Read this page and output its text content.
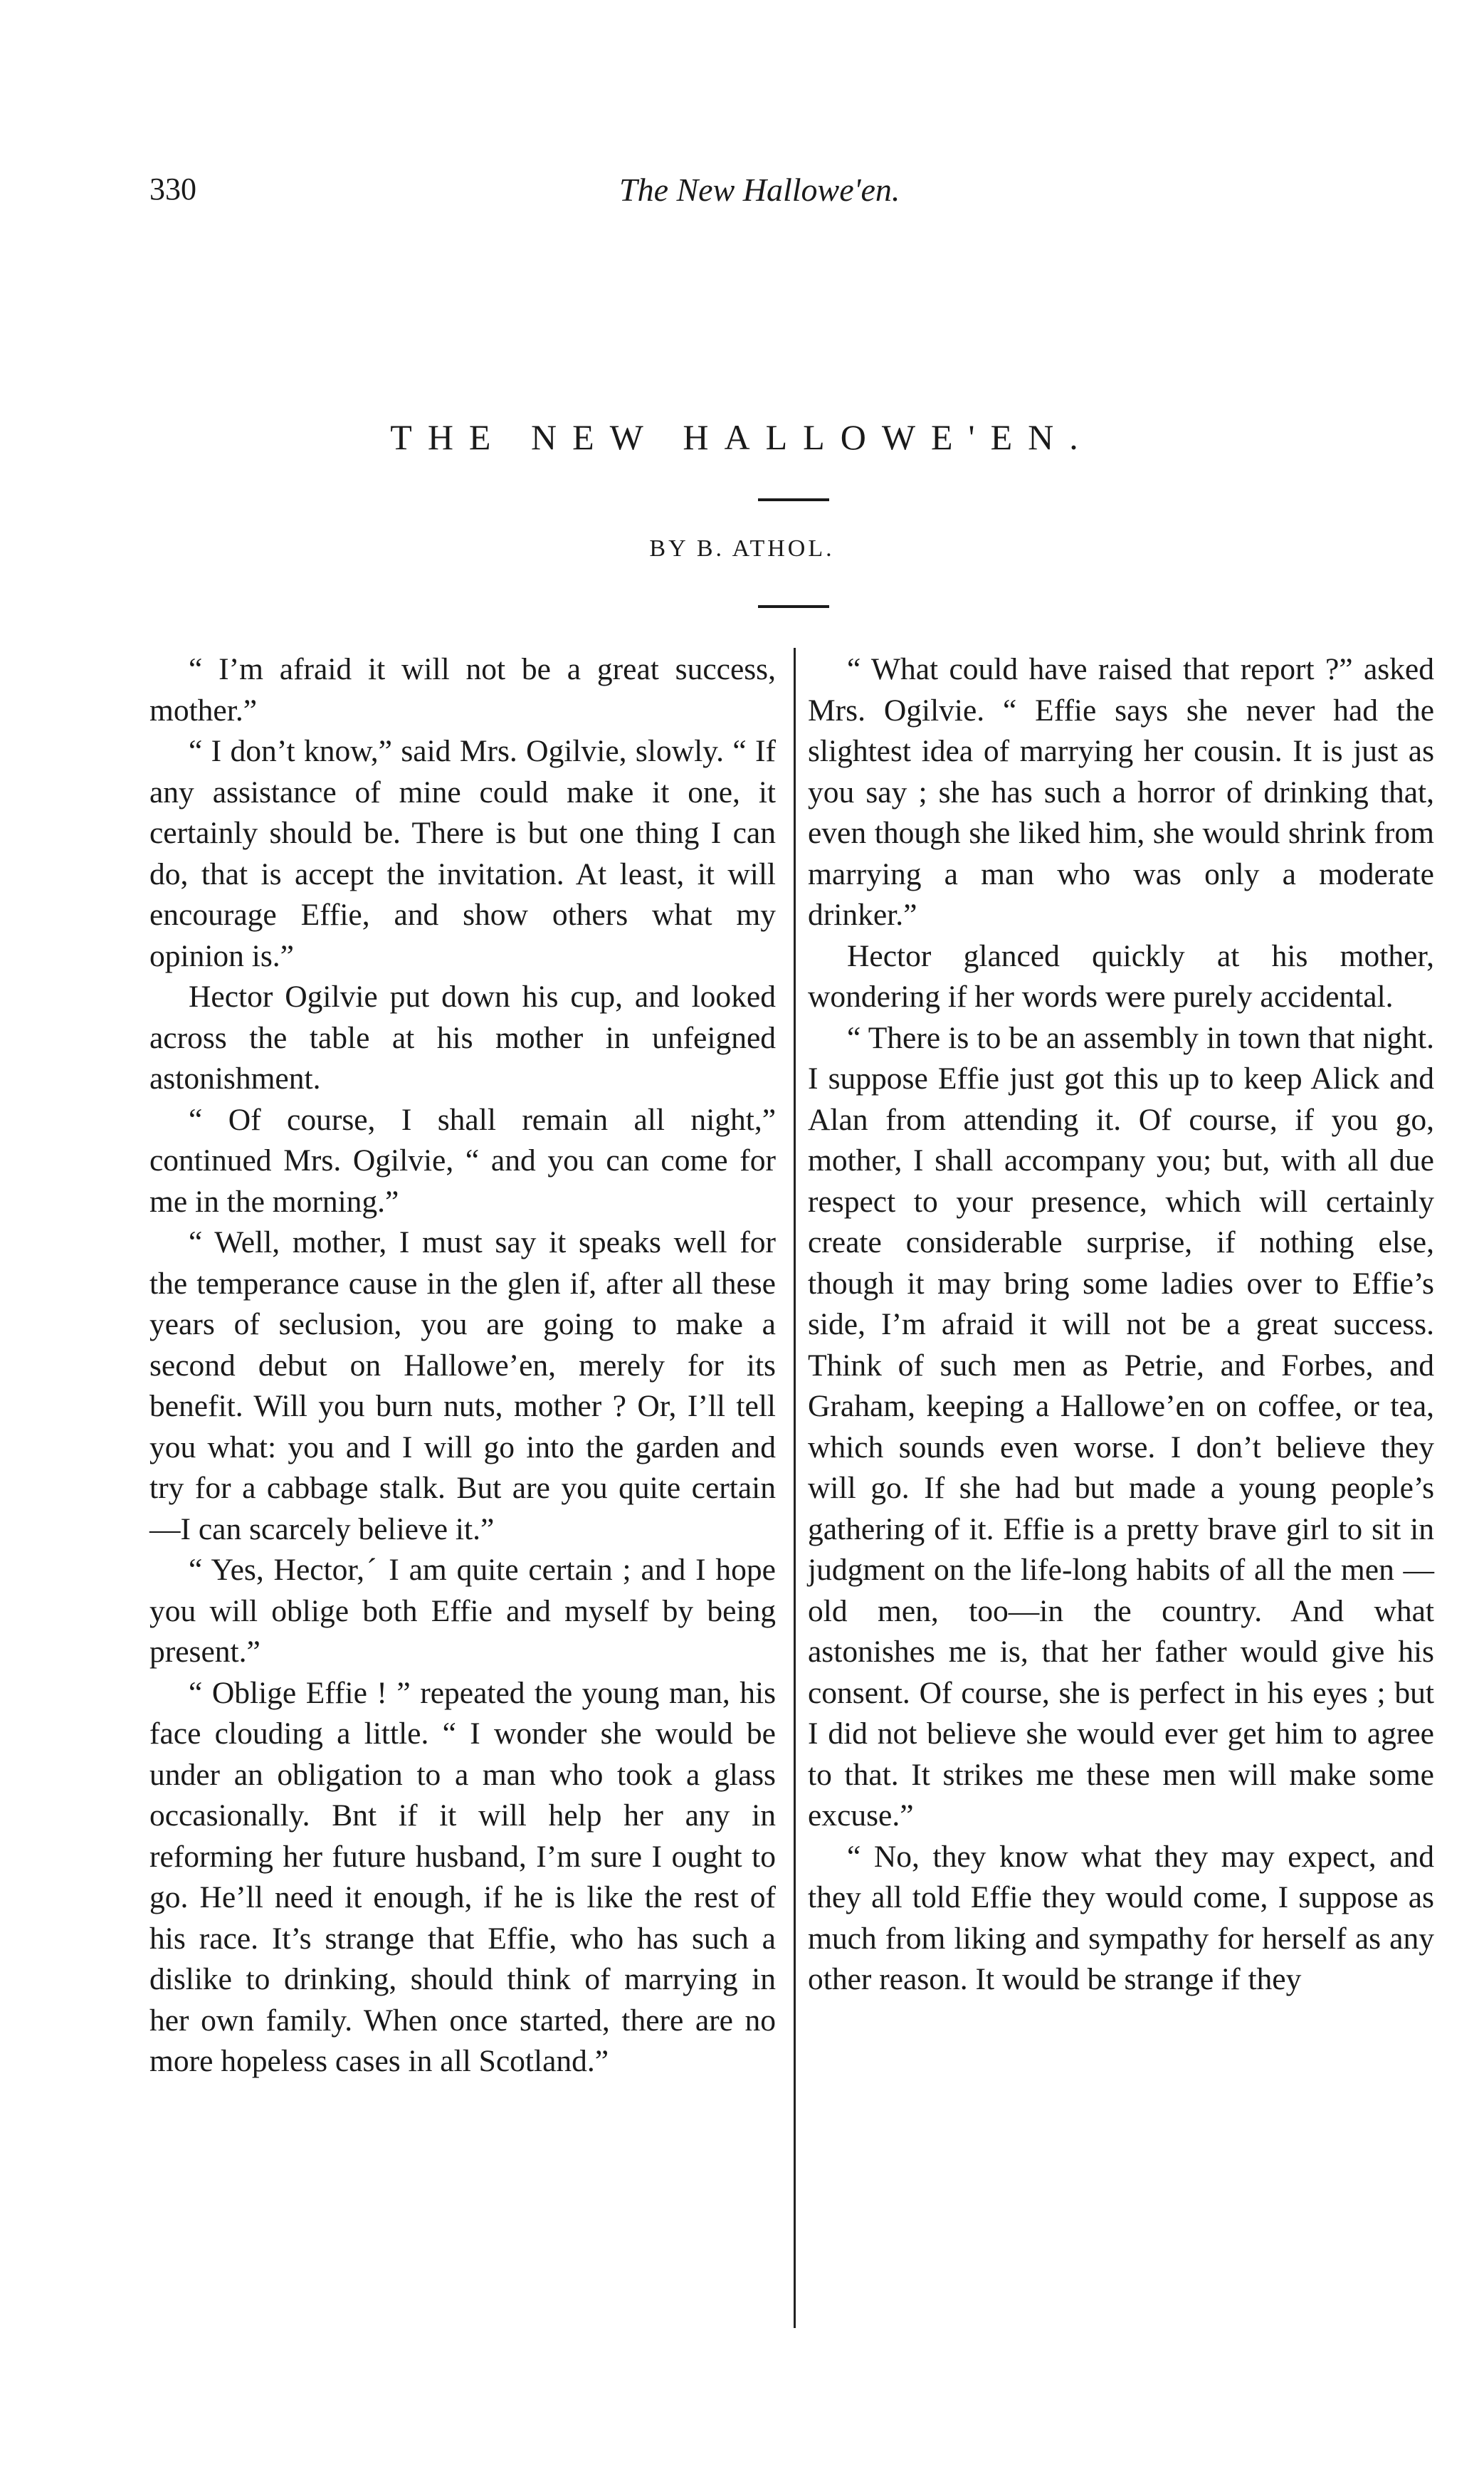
330	The New Hallowe'en.
THE NEW HALLOWE'EN.
BY B. ATHOL.

“ I’m afraid it will not be a great success, mother.”

“ I don’t know,” said Mrs. Ogilvie, slowly. “ If any assistance of mine could make it one, it certainly should be. There is but one thing I can do, that is accept the invitation. At least, it will encourage Effie, and show others what my opinion is.”

Hector Ogilvie put down his cup, and looked across the table at his mother in unfeigned astonishment.

“ Of course, I shall remain all night,” continued Mrs. Ogilvie, “ and you can come for me in the morning.”

“ Well, mother, I must say it speaks well for the temperance cause in the glen if, after all these years of seclusion, you are going to make a second debut on Hallowe’en, merely for its benefit. Will you burn nuts, mother ? Or, I’ll tell you what: you and I will go into the garden and try for a cabbage stalk. But are you quite certain—I can scarcely believe it.”

“ Yes, Hector,ˊ I am quite certain ; and I hope you will oblige both Effie and myself by being present.”

“ Oblige Effie ! ” repeated the young man, his face clouding a little. “ I wonder she would be under an obligation to a man who took a glass occasionally. Bnt if it will help her any in reforming her future husband, I’m sure I ought to go. He’ll need it enough, if he is like the rest of his race. It’s strange that Effie, who has such a dislike to drinking, should think of marrying in her own family. When once started, there are no more hopeless cases in all Scotland.”

“ What could have raised that report ?” asked Mrs. Ogilvie. “ Effie says she never had the slightest idea of marrying her cousin. It is just as you say ; she has such a horror of drinking that, even though she liked him, she would shrink from marrying a man who was only a moderate drinker.”

Hector glanced quickly at his mother, wondering if her words were purely accidental.

“ There is to be an assembly in town that night. I suppose Effie just got this up to keep Alick and Alan from attending it. Of course, if you go, mother, I shall accompany you; but, with all due respect to your presence, which will certainly create considerable surprise, if nothing else, though it may bring some ladies over to Effie’s side, I’m afraid it will not be a great success. Think of such men as Petrie, and Forbes, and Graham, keeping a Hallowe’en on coffee, or tea, which sounds even worse. I don’t believe they will go. If she had but made a young people’s gathering of it. Effie is a pretty brave girl to sit in judgment on the life-long habits of all the men —old men, too—in the country. And what astonishes me is, that her father would give his consent. Of course, she is perfect in his eyes ; but I did not believe she would ever get him to agree to that. It strikes me these men will make some excuse.”

“ No, they know what they may expect, and they all told Effie they would come, I suppose as much from liking and sympathy for herself as any other reason. It would be strange if they
